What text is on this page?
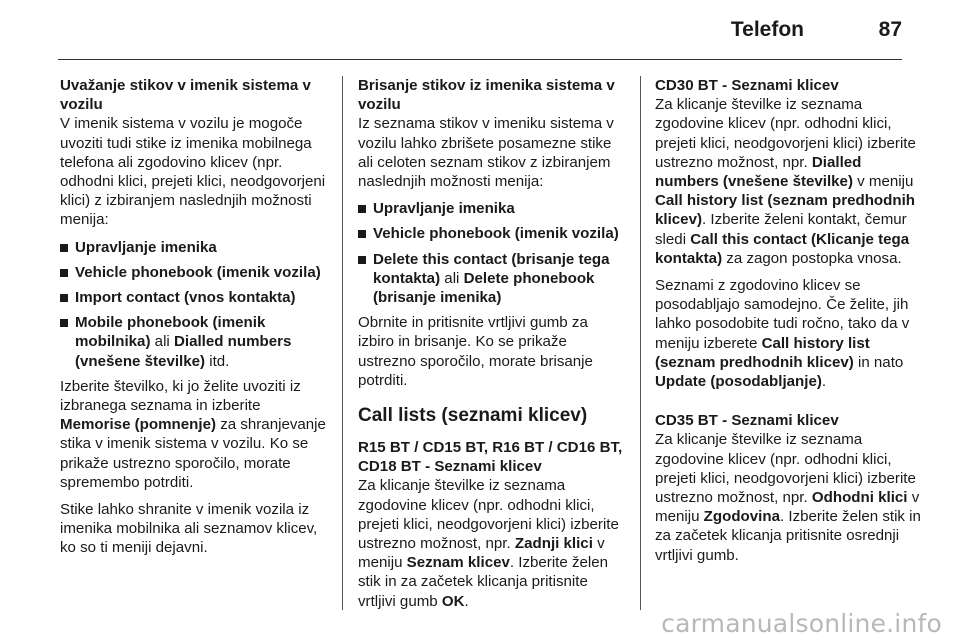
Telefon	87

Uvažanje stikov v imenik sistema v vozilu

V imenik sistema v vozilu je mogoče uvoziti tudi stike iz imenika mobilnega telefona ali zgodovino klicev (npr. odhodni klici, prejeti klici, neodgovorjeni klici) z izbiranjem naslednjih možnosti menija:

Upravljanje imenika
Vehicle phonebook (imenik vozila)
Import contact (vnos kontakta)
Mobile phonebook (imenik mobilnika) ali Dialled numbers (vnešene številke) itd.

Izberite številko, ki jo želite uvoziti iz izbranega seznama in izberite Memorise (pomnenje) za shranjevanje stika v imenik sistema v vozilu. Ko se prikaže ustrezno sporočilo, morate spremembo potrditi.

Stike lahko shranite v imenik vozila iz imenika mobilnika ali seznamov klicev, ko so ti meniji dejavni.

Brisanje stikov iz imenika sistema v vozilu

Iz seznama stikov v imeniku sistema v vozilu lahko zbrišete posamezne stike ali celoten seznam stikov z izbiranjem naslednjih možnosti menija:

Upravljanje imenika
Vehicle phonebook (imenik vozila)
Delete this contact (brisanje tega kontakta) ali Delete phonebook (brisanje imenika)

Obrnite in pritisnite vrtljivi gumb za izbiro in brisanje. Ko se prikaže ustrezno sporočilo, morate brisanje potrditi.

Call lists (seznami klicev)

R15 BT / CD15 BT, R16 BT / CD16 BT, CD18 BT - Seznami klicev

Za klicanje številke iz seznama zgodovine klicev (npr. odhodni klici, prejeti klici, neodgovorjeni klici) izberite ustrezno možnost, npr. Zadnji klici v meniju Seznam klicev. Izberite želen stik in za začetek klicanja pritisnite vrtljivi gumb OK.

CD30 BT - Seznami klicev

Za klicanje številke iz seznama zgodovine klicev (npr. odhodni klici, prejeti klici, neodgovorjeni klici) izberite ustrezno možnost, npr. Dialled numbers (vnešene številke) v meniju Call history list (seznam predhodnih klicev). Izberite želeni kontakt, čemur sledi Call this contact (Klicanje tega kontakta) za zagon postopka vnosa.

Seznami z zgodovino klicev se posodabljajo samodejno. Če želite, jih lahko posodobite tudi ročno, tako da v meniju izberete Call history list (seznam predhodnih klicev) in nato Update (posodabljanje).

CD35 BT - Seznami klicev

Za klicanje številke iz seznama zgodovine klicev (npr. odhodni klici, prejeti klici, neodgovorjeni klici) izberite ustrezno možnost, npr. Odhodni klici v meniju Zgodovina. Izberite želen stik in za začetek klicanja pritisnite osrednji vrtljivi gumb.

carmanualsonline.info
